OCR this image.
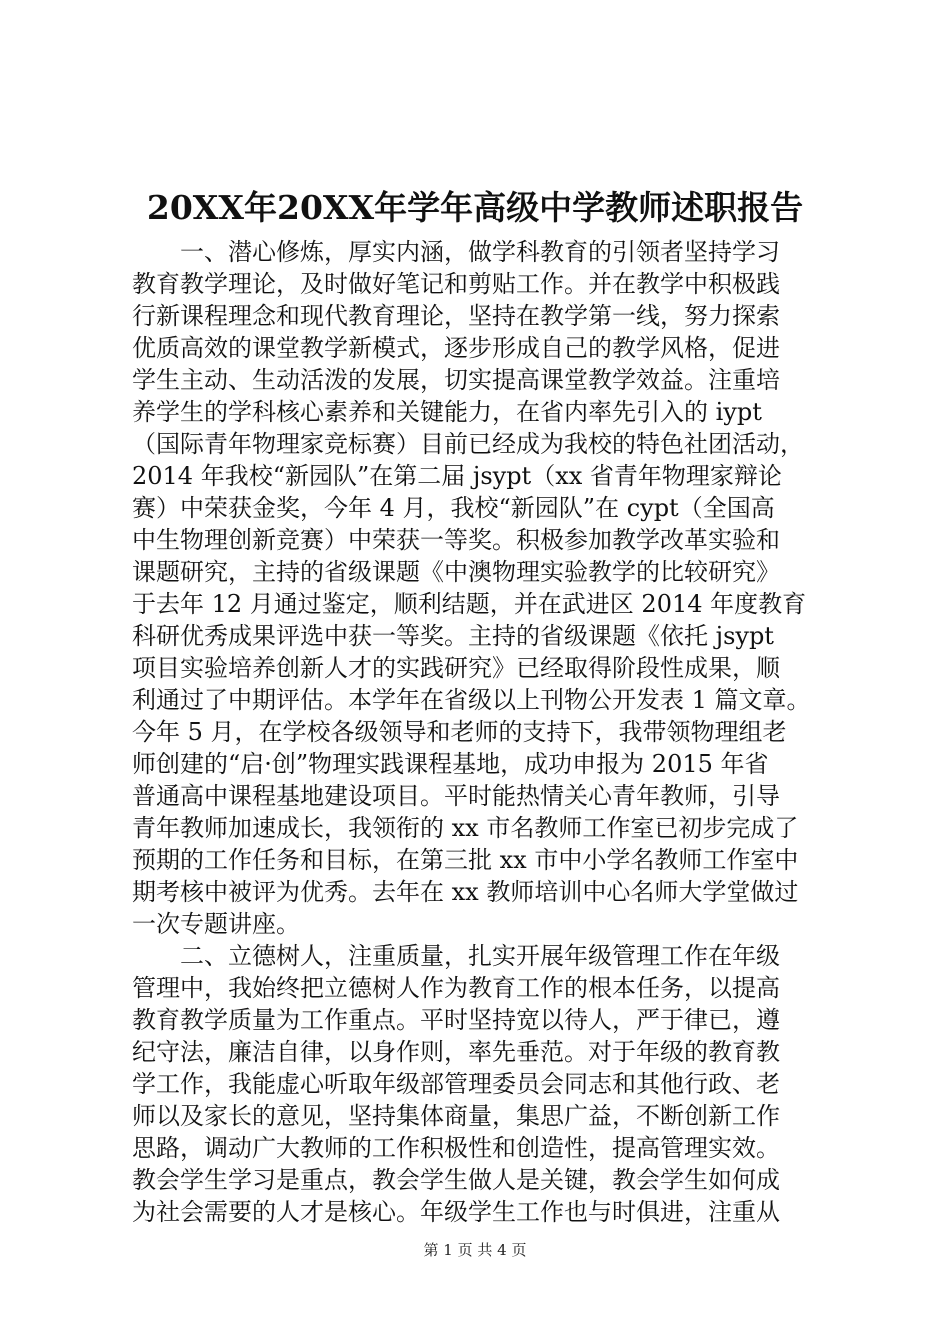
20XX年20XX年学年高级中学教师述职报告
　　一、潜心修炼，厚实内涵，做学科教育的引领者坚持学习
教育教学理论，及时做好笔记和剪贴工作。并在教学中积极践
行新课程理念和现代教育理论，坚持在教学第一线，努力探索
优质高效的课堂教学新模式，逐步形成自己的教学风格，促进
学生主动、生动活泼的发展，切实提高课堂教学效益。注重培
养学生的学科核心素养和关键能力，在省内率先引入的 iypt
（国际青年物理家竞标赛）目前已经成为我校的特色社团活动，
2014 年我校“新园队”在第二届 jsypt（xx 省青年物理家辩论
赛）中荣获金奖，今年 4 月，我校“新园队”在 cypt（全国高
中生物理创新竞赛）中荣获一等奖。积极参加教学改革实验和
课题研究，主持的省级课题《中澳物理实验教学的比较研究》
于去年 12 月通过鉴定，顺利结题，并在武进区 2014 年度教育
科研优秀成果评选中获一等奖。主持的省级课题《依托 jsypt
项目实验培养创新人才的实践研究》已经取得阶段性成果，顺
利通过了中期评估。本学年在省级以上刊物公开发表 1 篇文章。
今年 5 月，在学校各级领导和老师的支持下，我带领物理组老
师创建的“启·创”物理实践课程基地，成功申报为 2015 年省
普通高中课程基地建设项目。平时能热情关心青年教师，引导
青年教师加速成长，我领衔的 xx 市名教师工作室已初步完成了
预期的工作任务和目标，在第三批 xx 市中小学名教师工作室中
期考核中被评为优秀。去年在 xx 教师培训中心名师大学堂做过
一次专题讲座。
　　二、立德树人，注重质量，扎实开展年级管理工作在年级
管理中，我始终把立德树人作为教育工作的根本任务，以提高
教育教学质量为工作重点。平时坚持宽以待人，严于律已，遵
纪守法，廉洁自律，以身作则，率先垂范。对于年级的教育教
学工作，我能虚心听取年级部管理委员会同志和其他行政、老
师以及家长的意见，坚持集体商量，集思广益，不断创新工作
思路，调动广大教师的工作积极性和创造性，提高管理实效。
教会学生学习是重点，教会学生做人是关键，教会学生如何成
为社会需要的人才是核心。年级学生工作也与时俱进，注重从
第 1 页 共 4 页
